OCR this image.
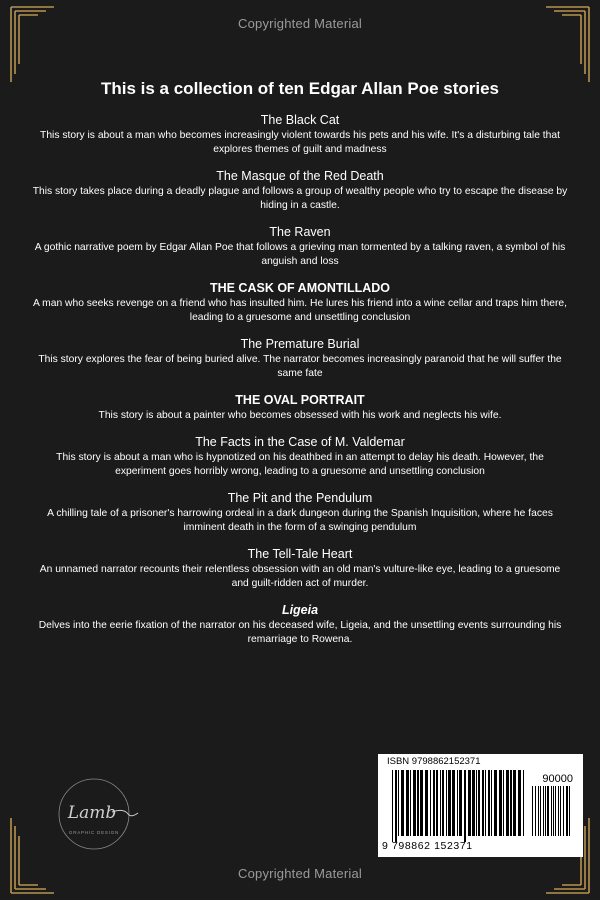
Copyrighted Material
This is a collection of ten Edgar Allan Poe stories
The Black Cat
This story is about a man who becomes increasingly violent towards his pets and his wife. It's a disturbing tale that explores themes of guilt and madness
The Masque of the Red Death
This story takes place during a deadly plague and follows a group of wealthy people who try to escape the disease by hiding in a castle.
The Raven
A gothic narrative poem by Edgar Allan Poe that follows a grieving man tormented by a talking raven, a symbol of his anguish and loss
THE CASK OF AMONTILLADO
A man who seeks revenge on a friend who has insulted him. He lures his friend into a wine cellar and traps him there, leading to a gruesome and unsettling conclusion
The Premature Burial
This story explores the fear of being buried alive. The narrator becomes increasingly paranoid that he will suffer the same fate
THE OVAL PORTRAIT
This story is about a painter who becomes obsessed with his work and neglects his wife.
The Facts in the Case of M. Valdemar
This story is about a man who is hypnotized on his deathbed in an attempt to delay his death. However, the experiment goes horribly wrong, leading to a gruesome and unsettling conclusion
The Pit and the Pendulum
A chilling tale of a prisoner's harrowing ordeal in a dark dungeon during the Spanish Inquisition, where he faces imminent death in the form of a swinging pendulum
The Tell-Tale Heart
An unnamed narrator recounts their relentless obsession with an old man's vulture-like eye, leading to a gruesome and guilt-ridden act of murder.
Ligeia
Delves into the eerie fixation of the narrator on his deceased wife, Ligeia, and the unsettling events surrounding his remarriage to Rowena.
Lamb
GRAPHIC DESIGN
ISBN 9798862152371
90000
9 798862 152371
Copyrighted Material
